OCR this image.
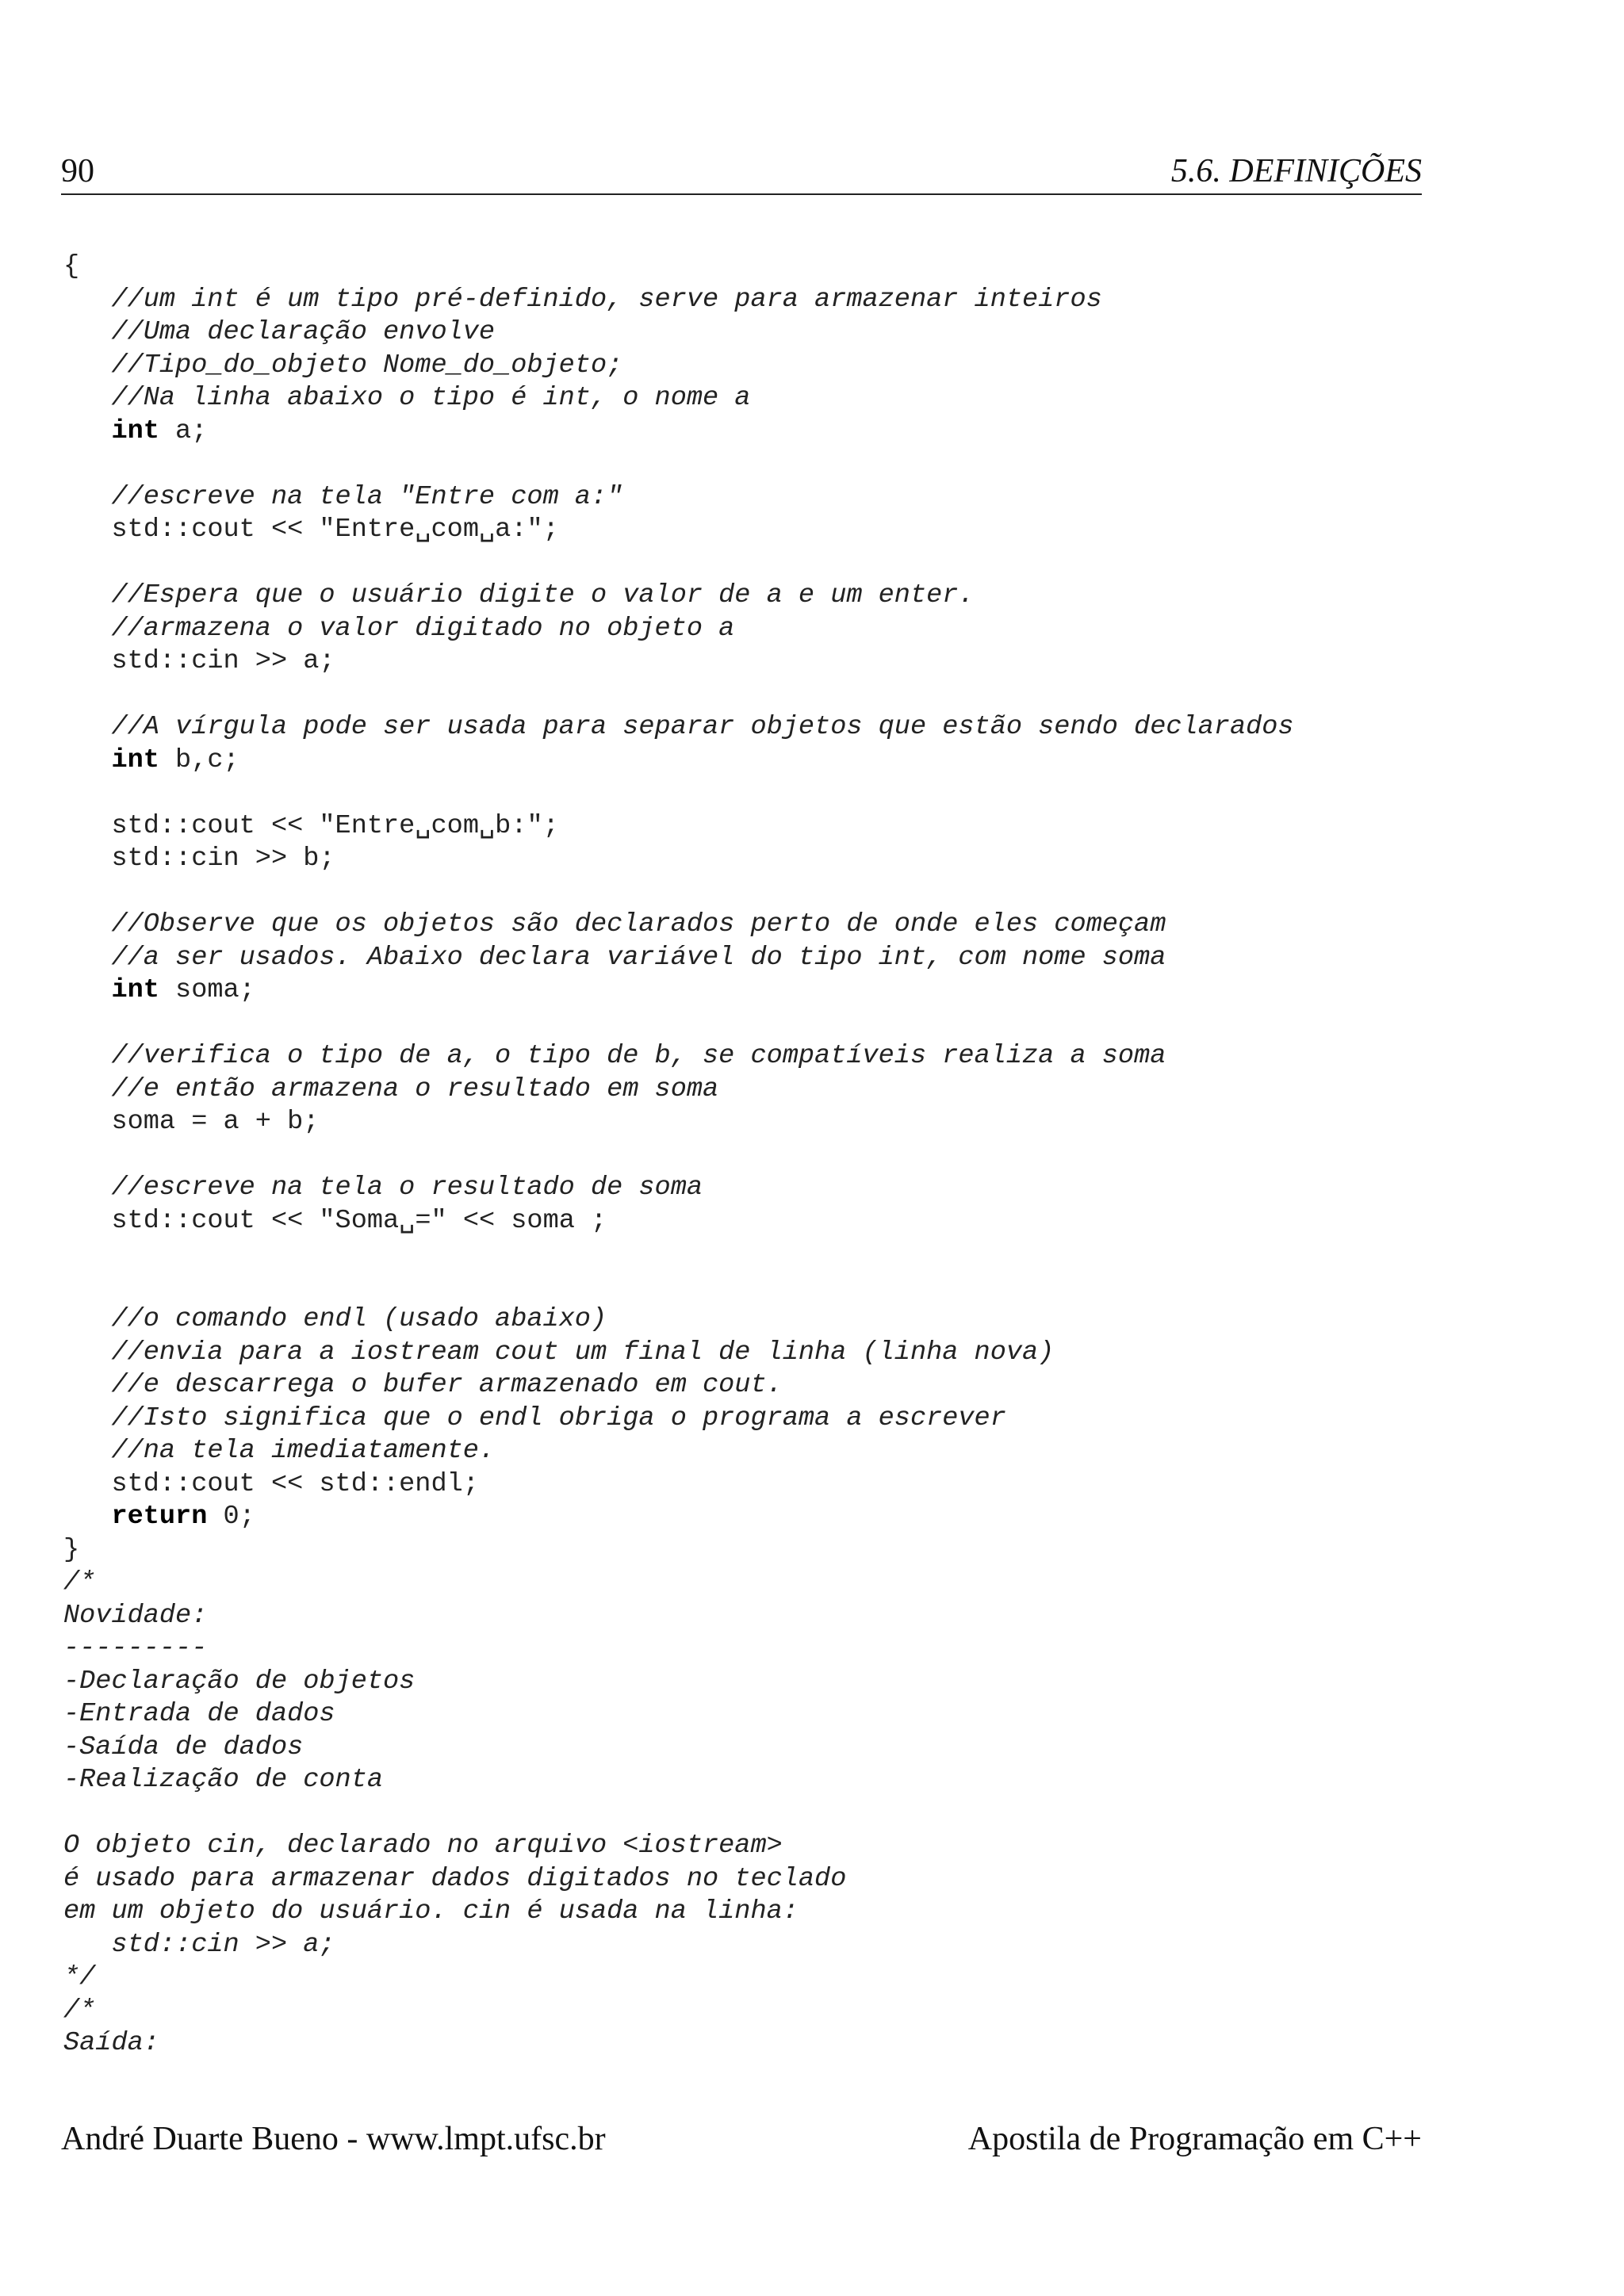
90	5.6. DEFINIÇÕES
{
//um int é um tipo pré-definido, serve para armazenar inteiros
//Uma declaração envolve
//Tipo_do_objeto Nome_do_objeto;
//Na linha abaixo o tipo é int, o nome a
int a;
//escreve na tela "Entre com a:"
std::cout << "Entre␣com␣a:";
//Espera que o usuário digite o valor de a e um enter.
//armazena o valor digitado no objeto a
std::cin >> a;
//A vírgula pode ser usada para separar objetos que estão sendo declarados
int b,c;
std::cout << "Entre␣com␣b:";
std::cin >> b;
//Observe que os objetos são declarados perto de onde eles começam
//a ser usados. Abaixo declara variável do tipo int, com nome soma
int soma;
//verifica o tipo de a, o tipo de b, se compatíveis realiza a soma
//e então armazena o resultado em soma
soma = a + b;
//escreve na tela o resultado de soma
std::cout << "Soma␣=" << soma ;
//o comando endl (usado abaixo)
//envia para a iostream cout um final de linha (linha nova)
//e descarrega o bufer armazenado em cout.
//Isto significa que o endl obriga o programa a escrever
//na tela imediatamente.
std::cout << std::endl;
return 0;
}
/*
Novidade:
---------
-Declaração de objetos
-Entrada de dados
-Saída de dados
-Realização de conta
O objeto cin, declarado no arquivo <iostream>
é usado para armazenar dados digitados no teclado
em um objeto do usuário. cin é usada na linha:
std::cin >> a;
*/
/*
Saída:
André Duarte Bueno - www.lmpt.ufsc.br	Apostila de Programação em C++
